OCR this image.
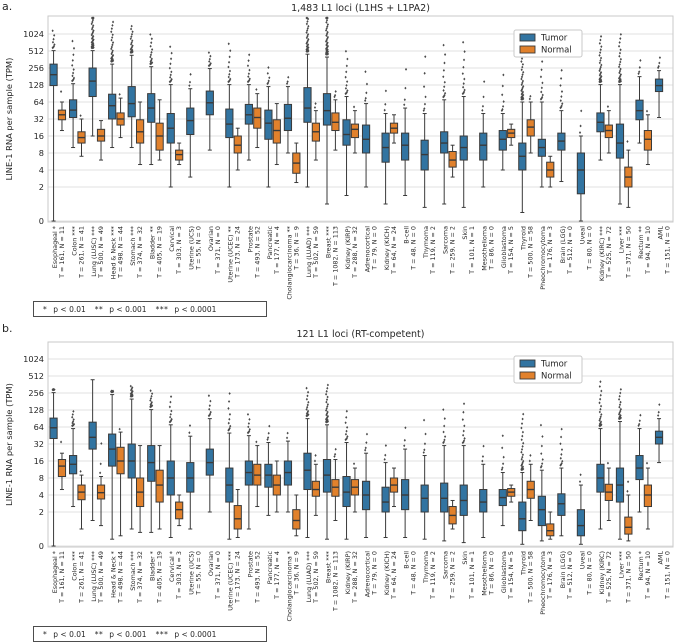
0
2
4
8
16
32
64
128
256
512
1024
1,483 L1 loci (L1HS + L1PA2)
LINE-1 RNA per sample (TPM)
Esophageal * T = 161, N = 11 Colon *** T = 261, N = 41 Lung (LUSC) *** T = 500, N = 49 Head & Neck *** T = 498, N = 44 Stomach *** T = 374, N = 32 Bladder ** T = 405, N = 19 Cervical T = 303, N = 3 Uterine (UCS) T = 55, N = 0 Ovarian T = 371, N = 0 Uterine (UCEC) ** T = 173, N = 24 Prostate T = 493, N = 52 Pancreatic T = 177, N = 4 Cholangiocarcinoma ** T = 36, N = 9 Lung (LUAD) *** T = 502, N = 59 Breast *** T = 1082, N = 113 Kidney (KIRP) T = 288, N = 32 Adrenocortical T = 79, N = 0 Kidney (KICH) T = 64, N = 24 B-cell T = 48, N = 0 Thymoma T = 119, N = 2 Sarcoma T = 259, N = 2 Skin T = 101, N = 1 Mesothelioma T = 86, N = 0 Glioblastoma T = 154, N = 5 Thyroid T = 500, N = 58 Pheochromocytoma T = 176, N = 3 Brain (LGG) T = 512, N = 0 Uveal T = 80, N = 0 Kidney (KIRC) *** T = 525, N = 72 Liver *** T = 371, N = 50 Rectum ** T = 94, N = 10 AML T = 151, N = 0
Tumor
Normal
0
2
4
8
16
32
64
128
256
512
1024
121 L1 loci (RT-competent)
LINE-1 RNA per sample (TPM)
Esophageal * T = 161, N = 11 Colon *** T = 261, N = 41 Lung (LUSC) *** T = 500, N = 49 Head & Neck * T = 498, N = 44 Stomach *** T = 374, N = 32 Bladder * T = 405, N = 19 Cervical * T = 303, N = 3 Uterine (UCS) T = 55, N = 0 Ovarian T = 371, N = 0 Uterine (UCEC) *** T = 173, N = 24 Prostate T = 493, N = 52 Pancreatic T = 177, N = 4 Cholangiocarcinoma * T = 36, N = 9 Lung (LUAD) *** T = 502, N = 59 Breast *** T = 1082, N = 113 Kidney (KIRP) T = 288, N = 32 Adrenocortical T = 79, N = 0 Kidney (KICH) T = 64, N = 24 B-cell T = 48, N = 0 Thymoma T = 119, N = 2 Sarcoma T = 259, N = 2 Skin T = 101, N = 1 Mesothelioma T = 86, N = 0 Glioblastoma T = 154, N = 5 Thyroid T = 500, N = 58 Pheochromocytoma T = 176, N = 3 Brain (LGG) T = 512, N = 0 Uveal T = 80, N = 0 Kidney (KIRC) T = 525, N = 72 Liver *** T = 371, N = 50 Rectum * T = 94, N = 10 AML T = 151, N = 0
Tumor
Normal
a.
b.
* p < 0.01 ** p < 0.001 *** p < 0.0001
* p < 0.01 ** p < 0.001 *** p < 0.0001
